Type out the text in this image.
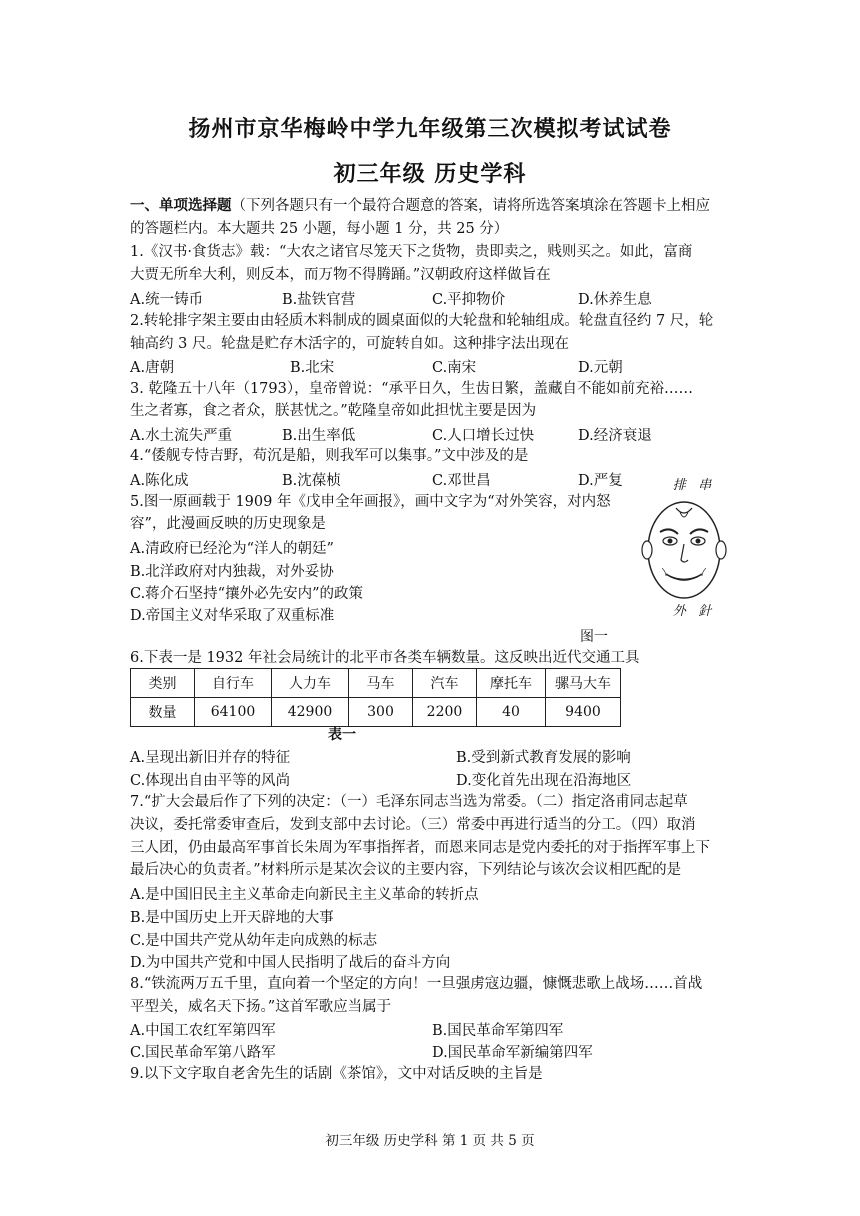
扬州市京华梅岭中学九年级第三次模拟考试试卷
初三年级 历史学科
一、单项选择题（下列各题只有一个最符合题意的答案，请将所选答案填涂在答题卡上相应
的答题栏内。本大题共 25 小题，每小题 1 分，共 25 分）
1.《汉书·食货志》载：“大农之诸官尽笼天下之货物，贵即卖之，贱则买之。如此，富商
大贾无所牟大利，则反本，而万物不得腾踊。”汉朝政府这样做旨在
A.统一铸币	B.盐铁官营	C.平抑物价	D.休养生息
2.转轮排字架主要由由轻质木料制成的圆桌面似的大轮盘和轮轴组成。轮盘直径约 7 尺，轮
轴高约 3 尺。轮盘是贮存木活字的，可旋转自如。这种排字法出现在
A.唐朝	B.北宋	C.南宋	D.元朝
3. 乾隆五十八年（1793），皇帝曾说：“承平日久，生齿日繁，盖藏自不能如前充裕……
生之者寡，食之者众，朕甚忧之。”乾隆皇帝如此担忧主要是因为
A.水土流失严重	B.出生率低	C.人口增长过快	D.经济衰退
4.“倭舰专恃吉野，苟沉是船，则我军可以集事。”文中涉及的是
A.陈化成	B.沈葆桢	C.邓世昌	D.严复
5.图一原画载于 1909 年《戊申全年画报》，画中文字为“对外笑容，对内怒
容”，此漫画反映的历史现象是
A.清政府已经沦为“洋人的朝廷”
B.北洋政府对内独裁，对外妥协
C.蒋介石坚持“攘外必先安内”的政策
D.帝国主义对华采取了双重标准
排   串
外   針
图一
6.下表一是 1932 年社会局统计的北平市各类车辆数量。这反映出近代交通工具
类别	自行车	人力车	马车	汽车	摩托车	骡马大车
数量	64100	42900	300	2200	40	9400
表一
A.呈现出新旧并存的特征	B.受到新式教育发展的影响
C.体现出自由平等的风尚	D.变化首先出现在沿海地区
7.“扩大会最后作了下列的决定：（一）毛泽东同志当选为常委。（二）指定洛甫同志起草
决议，委托常委审查后，发到支部中去讨论。（三）常委中再进行适当的分工。（四）取消
三人团，仍由最高军事首长朱周为军事指挥者，而恩来同志是党内委托的对于指挥军事上下
最后决心的负责者。”材料所示是某次会议的主要内容，下列结论与该次会议相匹配的是
A.是中国旧民主主义革命走向新民主主义革命的转折点
B.是中国历史上开天辟地的大事
C.是中国共产党从幼年走向成熟的标志
D.为中国共产党和中国人民指明了战后的奋斗方向
8.“铁流两万五千里，直向着一个坚定的方向！一旦强虏寇边疆，慷慨悲歌上战场……首战
平型关，威名天下扬。”这首军歌应当属于
A.中国工农红军第四军	B.国民革命军第四军
C.国民革命军第八路军	D.国民革命军新编第四军
9.以下文字取自老舍先生的话剧《茶馆》，文中对话反映的主旨是
初三年级 历史学科 第 1 页 共 5 页
